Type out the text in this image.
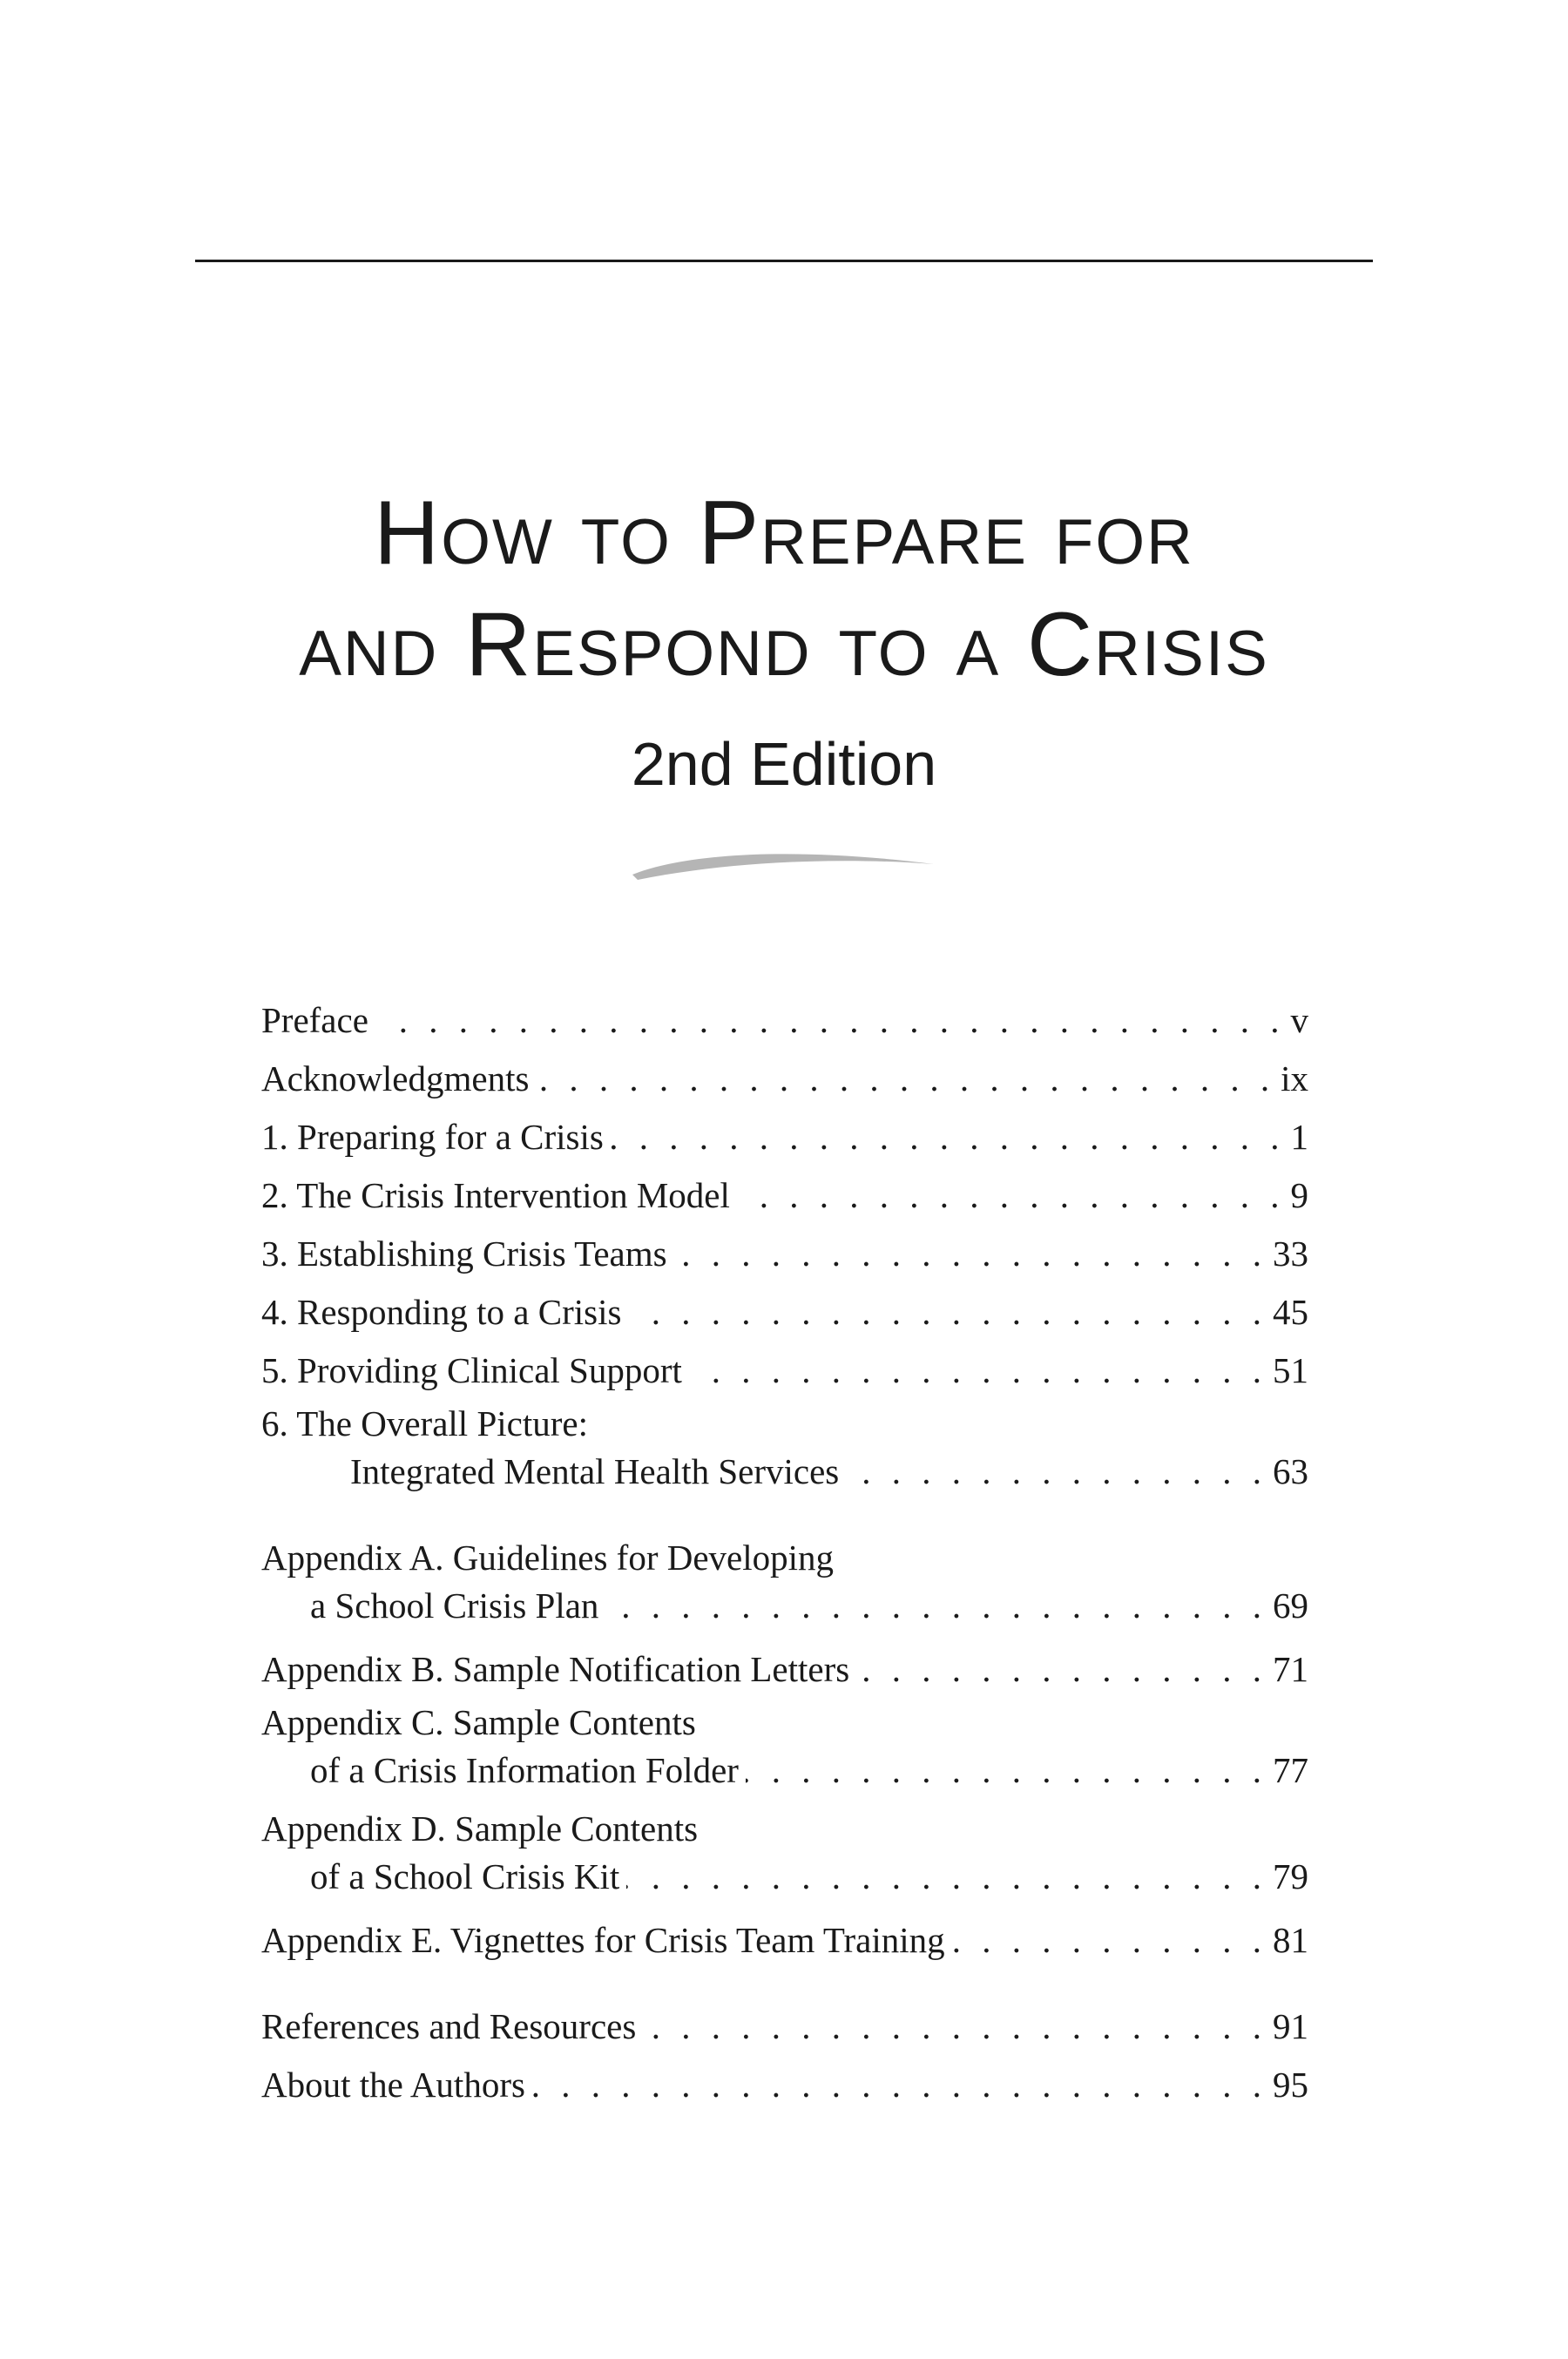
How to Prepare for
and Respond to a Crisis
2nd Edition
Preface . . .	v
Acknowledgments . . .	ix
1. Preparing for a Crisis . . .	1
2. The Crisis Intervention Model . . .	9
3. Establishing Crisis Teams . . .	33
4. Responding to a Crisis . . .	45
5. Providing Clinical Support . . .	51
6. The Overall Picture:
Integrated Mental Health Services . . .	63
Appendix A. Guidelines for Developing
a School Crisis Plan . . .	69
Appendix B. Sample Notification Letters . . .	71
Appendix C. Sample Contents
of a Crisis Information Folder . . .	77
Appendix D. Sample Contents
of a School Crisis Kit . . .	79
Appendix E. Vignettes for Crisis Team Training . . .	81
References and Resources . . .	91
About the Authors . . .	95
